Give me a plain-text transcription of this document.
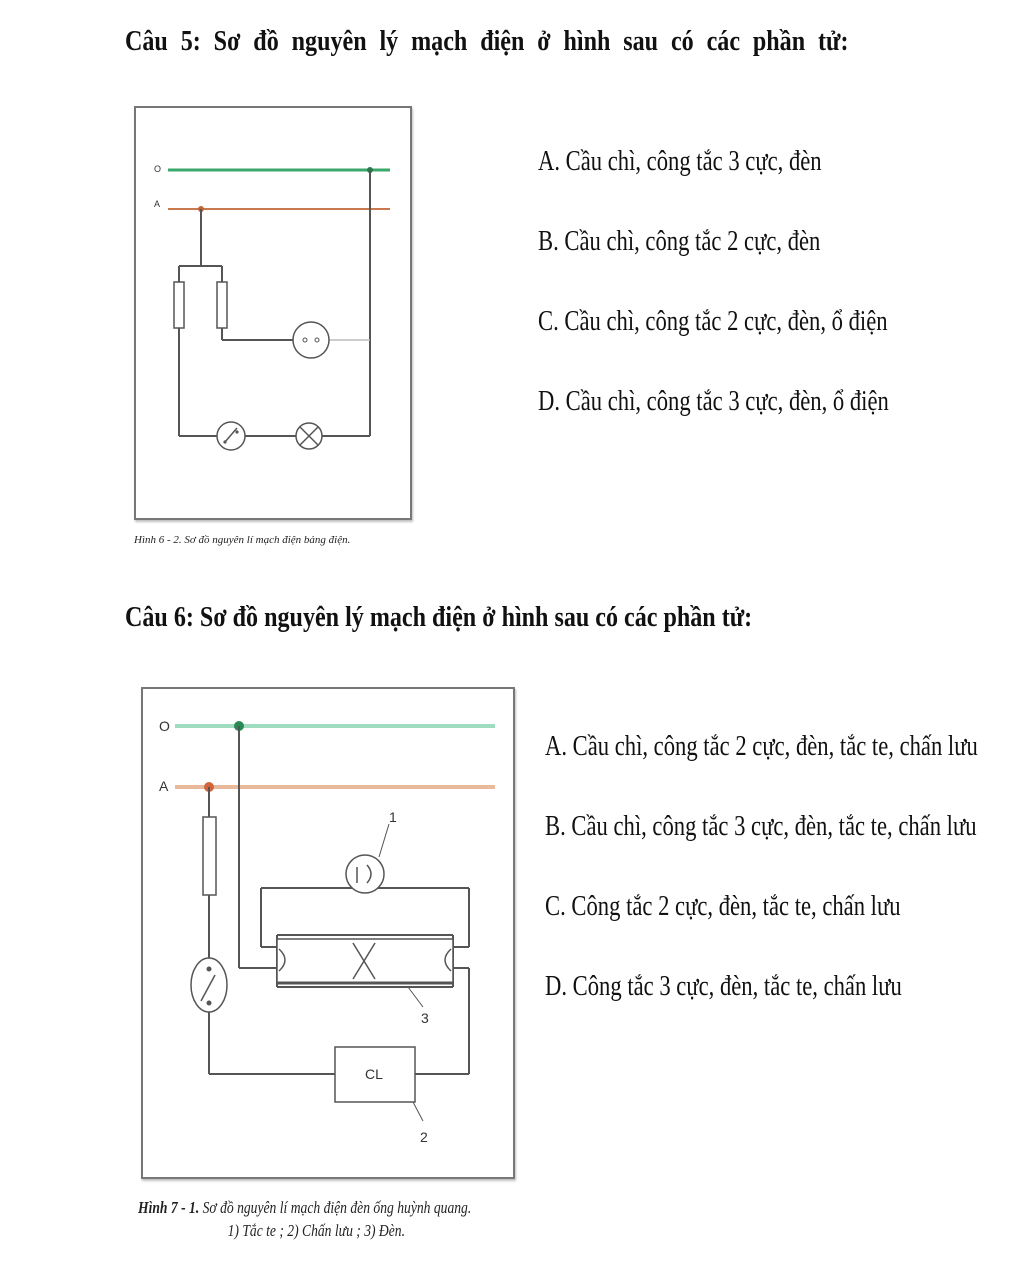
Câu 5: Sơ đồ nguyên lý mạch điện ở hình sau có các phần tử:
O
A
Hình 6 - 2. Sơ đồ nguyên lí mạch điện bảng điện.
A. Cầu chì, công tắc 3 cực, đèn
B. Cầu chì, công tắc 2 cực, đèn
C. Cầu chì, công tắc 2 cực, đèn, ổ điện
D. Cầu chì, công tắc 3 cực, đèn, ổ điện
Câu 6: Sơ đồ nguyên lý mạch điện ở hình sau có các phần tử:
O
A
1
3
CL
2
Hình 7 - 1. Sơ đồ nguyên lí mạch điện đèn ống huỳnh quang.
1) Tắc te ; 2) Chấn lưu ; 3) Đèn.
A. Cầu chì, công tắc 2 cực, đèn, tắc te, chấn lưu
B. Cầu chì, công tắc 3 cực, đèn, tắc te, chấn lưu
C. Công tắc 2 cực, đèn, tắc te, chấn lưu
D. Công tắc 3 cực, đèn, tắc te, chấn lưu
